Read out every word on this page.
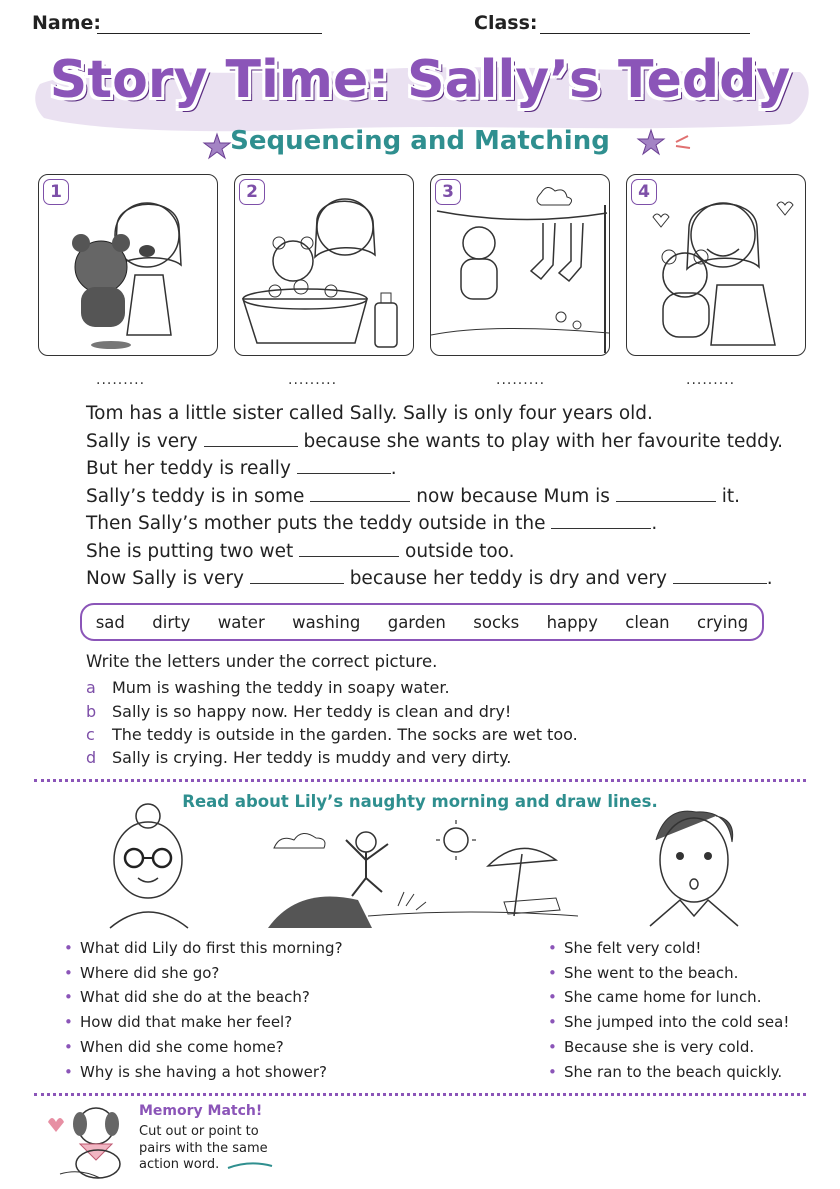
Name:	Class:
Story Time: Sally’s Teddy
Sequencing and Matching
1	2	3	4
.........	.........	.........	.........

Tom has a little sister called Sally. Sally is only four years old.

Sally is very	because she wants to play with her favourite teddy.

But her teddy is really	.

Sally’s teddy is in some	now because Mum is	it.

Then Sally’s mother puts the teddy outside in the	.

She is putting two wet	outside too.

Now Sally is very	because her teddy is dry and very	.

sad dirty water washing garden socks happy clean crying
Write the letters under the correct picture.
a Mum is washing the teddy in soapy water.
b Sally is so happy now. Her teddy is clean and dry!
c The teddy is outside in the garden. The socks are wet too.
d Sally is crying. Her teddy is muddy and very dirty.
Read about Lily’s naughty morning and draw lines.
• What did Lily do first this morning?
• Where did she go?
• What did she do at the beach?
• How did that make her feel?
• When did she come home?
• Why is she having a hot shower?
• She felt very cold!
• She went to the beach.
• She came home for lunch.
• She jumped into the cold sea!
• Because she is very cold.
• She ran to the beach quickly.
Memory Match!
Cut out or point to pairs with the same action word.
